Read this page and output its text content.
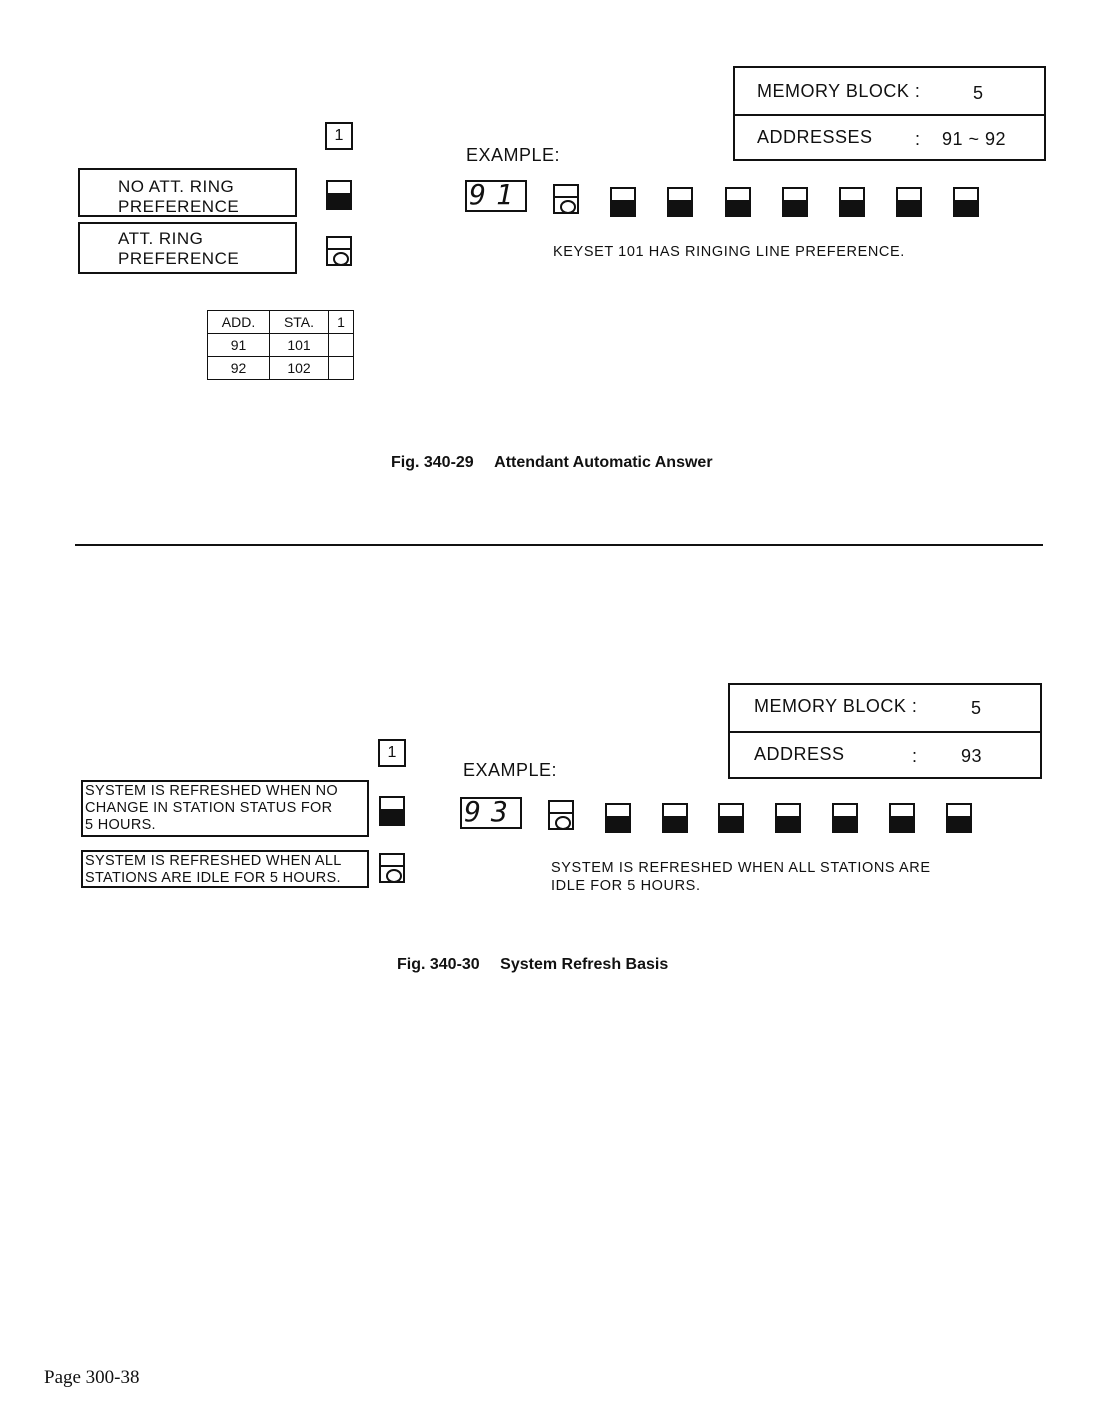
MEMORY BLOCK :	5
ADDRESSES : 91 ~ 92
1
EXAMPLE:
NO ATT. RING
PREFERENCE
ATT. RING
PREFERENCE
91
KEYSET 101 HAS RINGING LINE PREFERENCE.
ADD.	STA.	1
91	101	
92	102	
Fig. 340-29 Attendant Automatic Answer
MEMORY BLOCK :	5
ADDRESS	: 93
1
EXAMPLE:
SYSTEM IS REFRESHED WHEN NO
CHANGE IN STATION STATUS FOR
5 HOURS.
SYSTEM IS REFRESHED WHEN ALL
STATIONS ARE IDLE FOR 5 HOURS.
93
SYSTEM IS REFRESHED WHEN ALL STATIONS ARE
IDLE FOR 5 HOURS.
Fig. 340-30 System Refresh Basis
Page 300-38
